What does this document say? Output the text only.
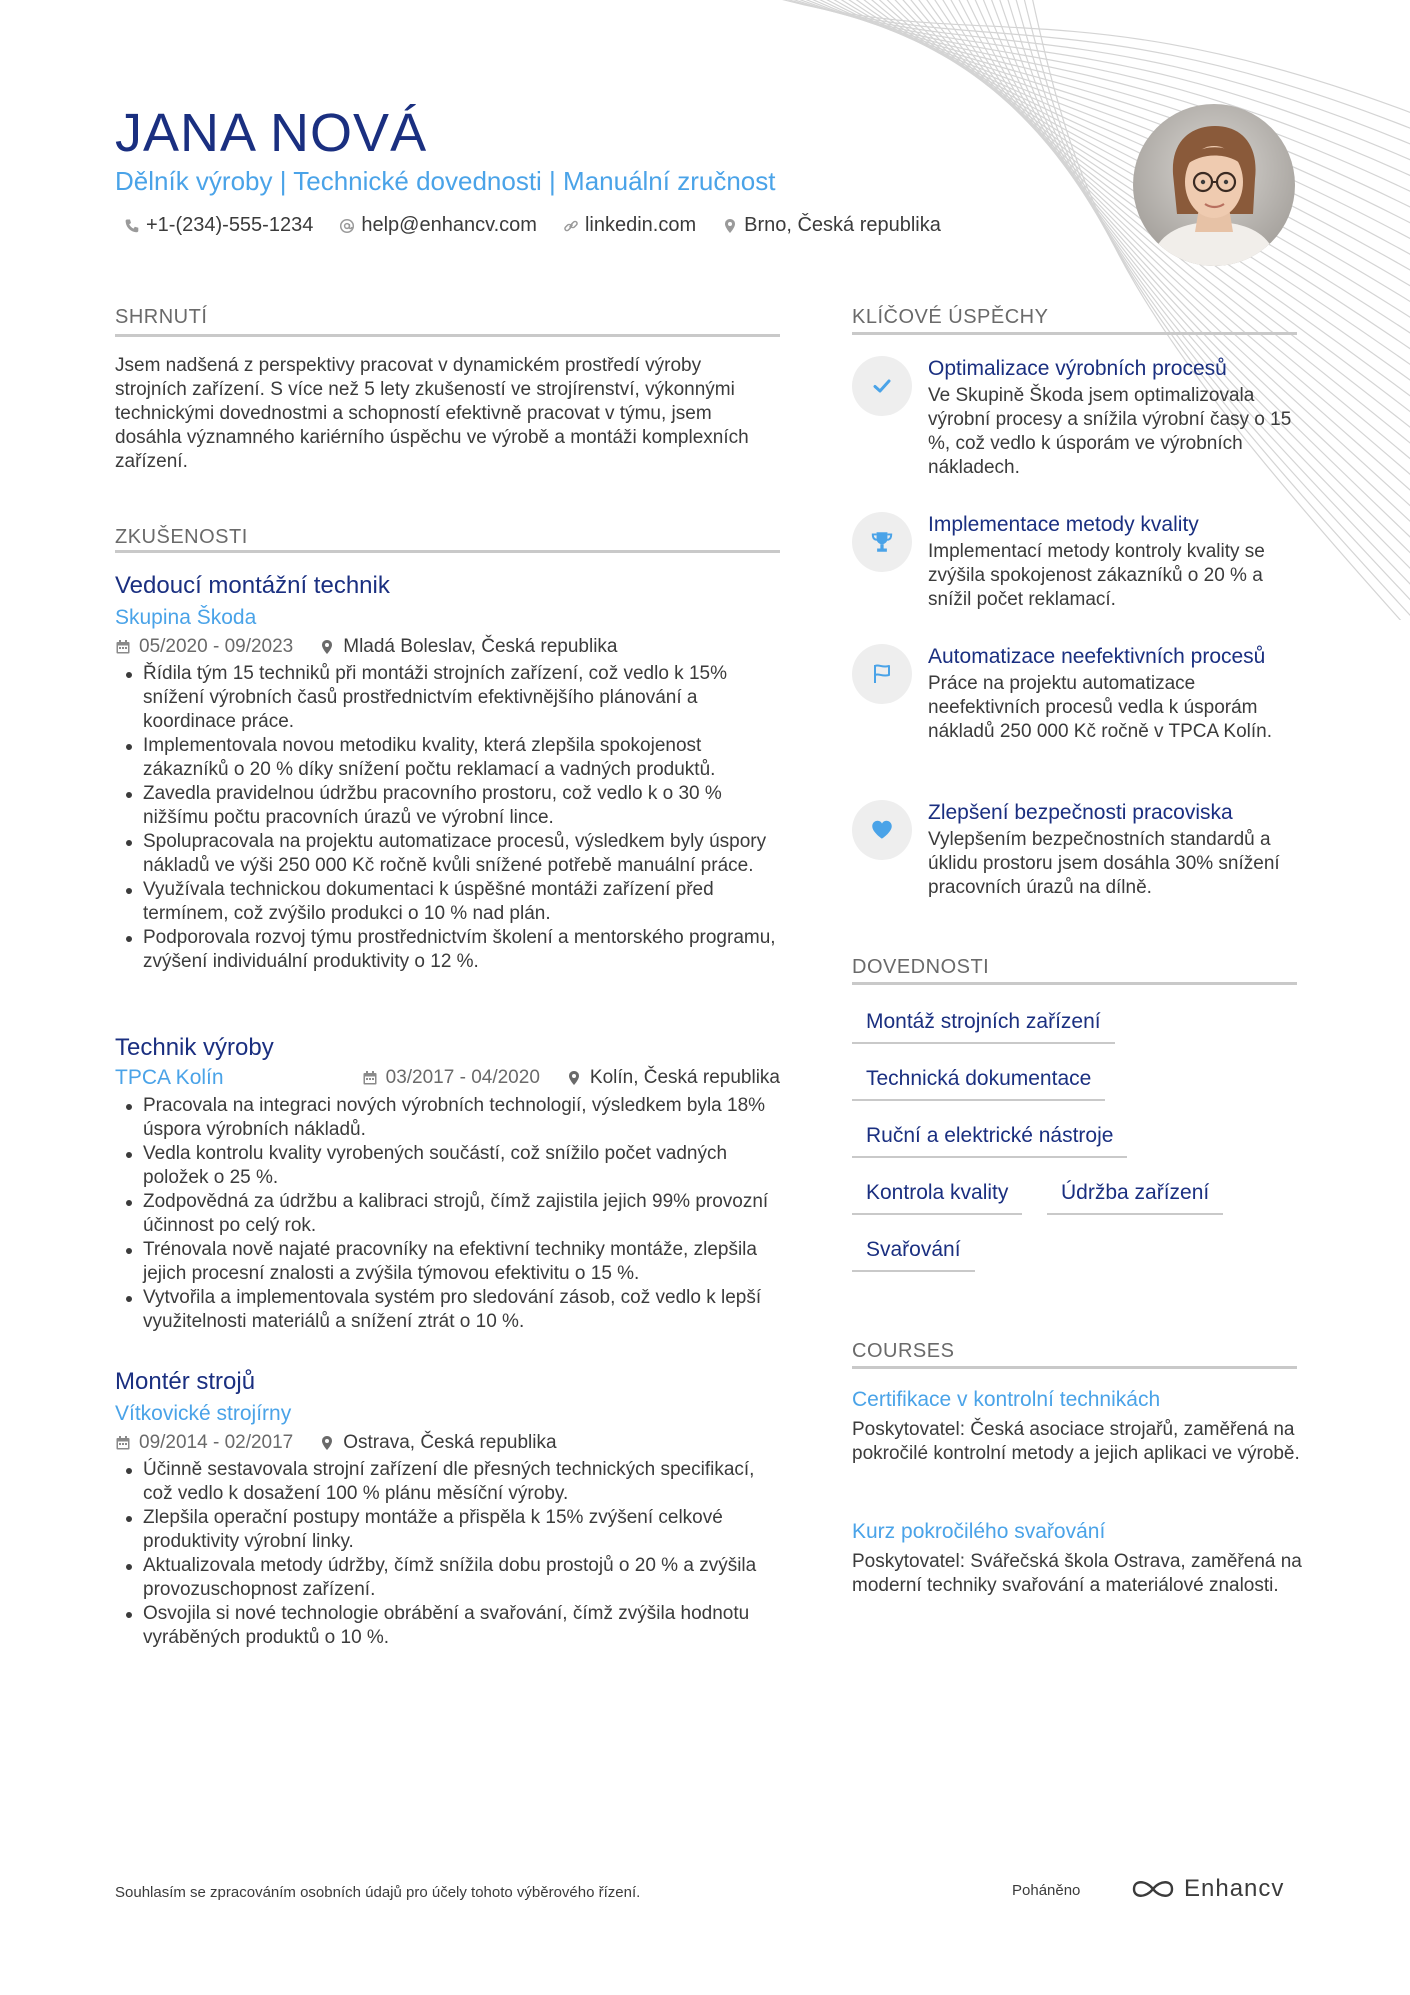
JANA NOVÁ
Dělník výroby | Technické dovednosti | Manuální zručnost
+1-(234)-555-1234 help@enhancv.com linkedin.com Brno, Česká republika
SHRNUTÍ
Jsem nadšená z perspektivy pracovat v dynamickém prostředí výroby strojních zařízení. S více než 5 lety zkušeností ve strojírenství, výkonnými technickými dovednostmi a schopností efektivně pracovat v týmu, jsem dosáhla významného kariérního úspěchu ve výrobě a montáži komplexních zařízení.
ZKUŠENOSTI
Vedoucí montážní technik
Skupina Škoda
05/2020 - 09/2023	Mladá Boleslav, Česká republika
Řídila tým 15 techniků při montáži strojních zařízení, což vedlo k 15% snížení výrobních časů prostřednictvím efektivnějšího plánování a koordinace práce.
Implementovala novou metodiku kvality, která zlepšila spokojenost zákazníků o 20 % díky snížení počtu reklamací a vadných produktů.
Zavedla pravidelnou údržbu pracovního prostoru, což vedlo k o 30 % nižšímu počtu pracovních úrazů ve výrobní lince.
Spolupracovala na projektu automatizace procesů, výsledkem byly úspory nákladů ve výši 250 000 Kč ročně kvůli snížené potřebě manuální práce.
Využívala technickou dokumentaci k úspěšné montáži zařízení před termínem, což zvýšilo produkci o 10 % nad plán.
Podporovala rozvoj týmu prostřednictvím školení a mentorského programu, zvýšení individuální produktivity o 12 %.
Technik výroby
TPCA Kolín	03/2017 - 04/2020	Kolín, Česká republika
Pracovala na integraci nových výrobních technologií, výsledkem byla 18% úspora výrobních nákladů.
Vedla kontrolu kvality vyrobených součástí, což snížilo počet vadných položek o 25 %.
Zodpovědná za údržbu a kalibraci strojů, čímž zajistila jejich 99% provozní účinnost po celý rok.
Trénovala nově najaté pracovníky na efektivní techniky montáže, zlepšila jejich procesní znalosti a zvýšila týmovou efektivitu o 15 %.
Vytvořila a implementovala systém pro sledování zásob, což vedlo k lepší využitelnosti materiálů a snížení ztrát o 10 %.
Montér strojů
Vítkovické strojírny
09/2014 - 02/2017	Ostrava, Česká republika
Účinně sestavovala strojní zařízení dle přesných technických specifikací, což vedlo k dosažení 100 % plánu měsíční výroby.
Zlepšila operační postupy montáže a přispěla k 15% zvýšení celkové produktivity výrobní linky.
Aktualizovala metody údržby, čímž snížila dobu prostojů o 20 % a zvýšila provozuschopnost zařízení.
Osvojila si nové technologie obrábění a svařování, čímž zvýšila hodnotu vyráběných produktů o 10 %.
KLÍČOVÉ ÚSPĚCHY
Optimalizace výrobních procesů
Ve Skupině Škoda jsem optimalizovala výrobní procesy a snížila výrobní časy o 15 %, což vedlo k úsporám ve výrobních nákladech.
Implementace metody kvality
Implementací metody kontroly kvality se zvýšila spokojenost zákazníků o 20 % a snížil počet reklamací.
Automatizace neefektivních procesů
Práce na projektu automatizace neefektivních procesů vedla k úsporám nákladů 250 000 Kč ročně v TPCA Kolín.
Zlepšení bezpečnosti pracoviska
Vylepšením bezpečnostních standardů a úklidu prostoru jsem dosáhla 30% snížení pracovních úrazů na dílně.
DOVEDNOSTI
Montáž strojních zařízení
Technická dokumentace
Ruční a elektrické nástroje
Kontrola kvality	Údržba zařízení
Svařování
COURSES
Certifikace v kontrolní technikách
Poskytovatel: Česká asociace strojařů, zaměřená na pokročilé kontrolní metody a jejich aplikaci ve výrobě.
Kurz pokročilého svařování
Poskytovatel: Svářečská škola Ostrava, zaměřená na moderní techniky svařování a materiálové znalosti.
Souhlasím se zpracováním osobních údajů pro účely tohoto výběrového řízení.	Poháněno	Enhancv
